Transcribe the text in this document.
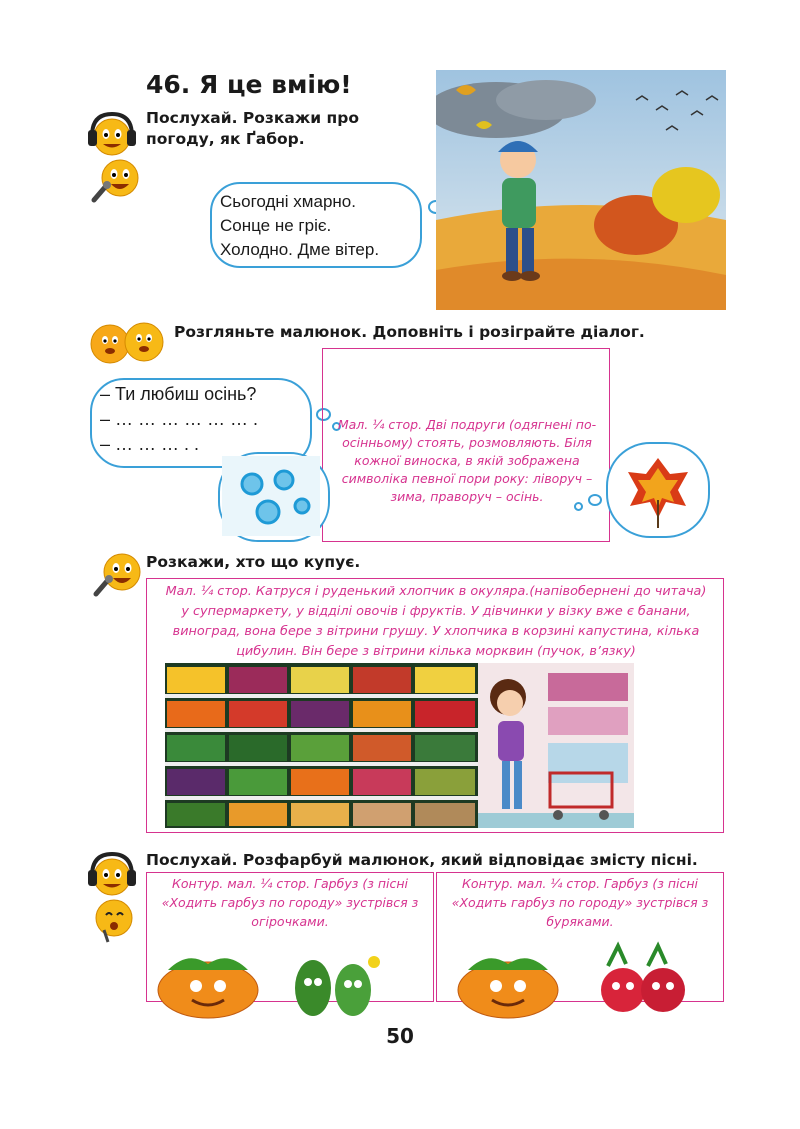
46. Я це вмію!
Послухай. Розкажи про
погоду, як Ґабор.
Сьогодні хмарно.
Сонце не гріє.
Холодно. Дме вітер.
Розгляньте малюнок. Доповніть і розіграйте діалог.
– Ти любиш осінь?
– … … … … … … .
– … … … . .
Мал. ¼ стор. Дві подруги (одягнені по-осінньому) стоять, розмовляють. Біля кожної виноска, в якій зображена символіка певної пори року: ліворуч – зима, праворуч – осінь.
Розкажи, хто що купує.
Мал. ¼ стор. Катруся і руденький хлопчик в окуляра.(напівобернені до читача) у супермаркету, у відділі овочів і фруктів. У дівчинки у візку вже є банани, виноград, вона бере з вітрини грушу. У хлопчика в корзині капустина, кілька цибулин. Він бере з вітрини кілька морквин (пучок, в’язку)
Послухай. Розфарбуй малюнок, який відповідає змісту пісні.
Контур. мал. ¼ стор. Гарбуз (з пісні «Ходить гарбуз по городу» зустрівся з огірочками.
Контур. мал. ¼ стор. Гарбуз (з пісні «Ходить гарбуз по городу» зустрівся з буряками.
50
